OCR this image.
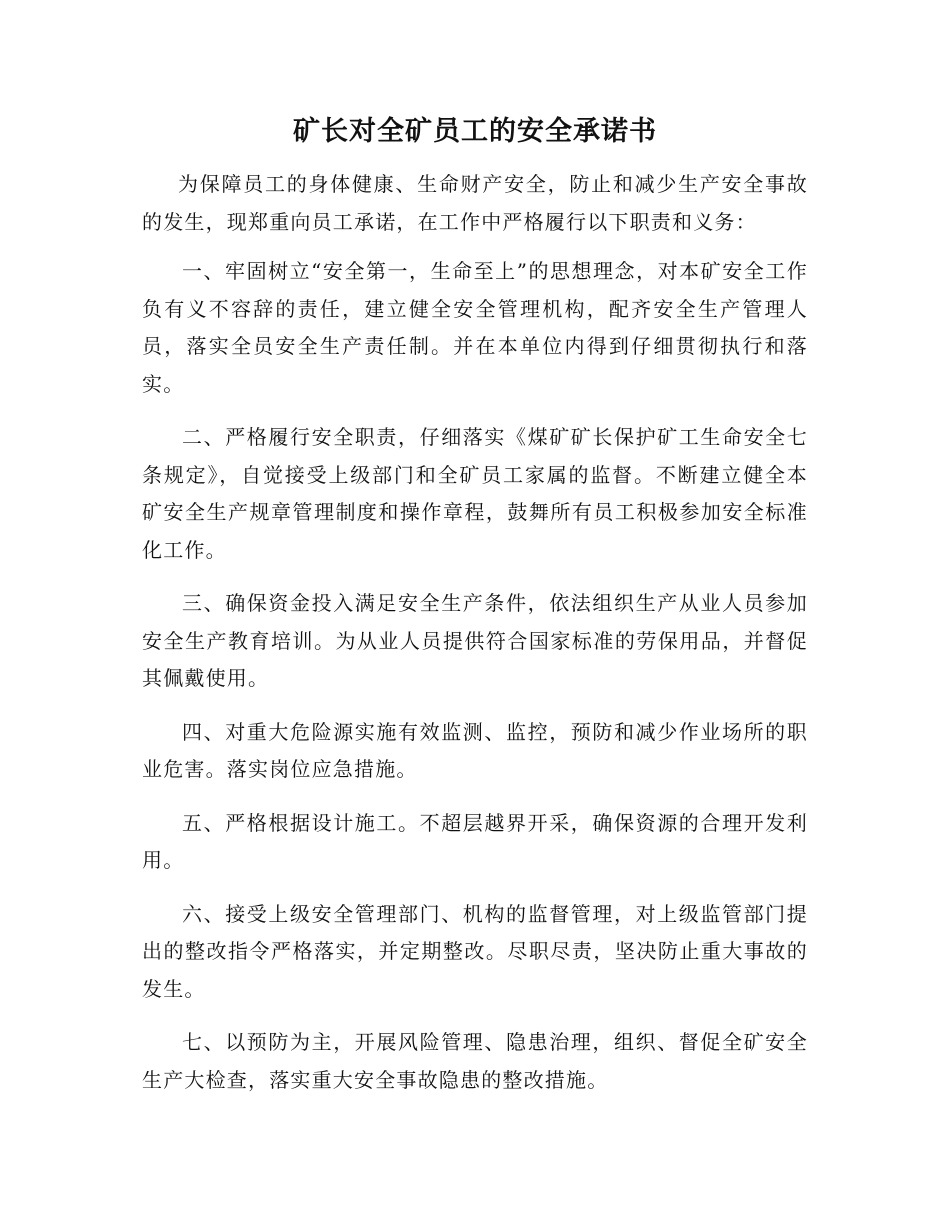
矿长对全矿员工的安全承诺书

为保障员工的身体健康、生命财产安全，防止和减少生产安全事故的发生，现郑重向员工承诺，在工作中严格履行以下职责和义务：

一、牢固树立“安全第一，生命至上”的思想理念，对本矿安全工作负有义不容辞的责任，建立健全安全管理机构，配齐安全生产管理人员，落实全员安全生产责任制。并在本单位内得到仔细贯彻执行和落实。

二、严格履行安全职责，仔细落实《煤矿矿长保护矿工生命安全七条规定》，自觉接受上级部门和全矿员工家属的监督。不断建立健全本矿安全生产规章管理制度和操作章程，鼓舞所有员工积极参加安全标准化工作。

三、确保资金投入满足安全生产条件，依法组织生产从业人员参加安全生产教育培训。为从业人员提供符合国家标准的劳保用品，并督促其佩戴使用。

四、对重大危险源实施有效监测、监控，预防和减少作业场所的职业危害。落实岗位应急措施。

五、严格根据设计施工。不超层越界开采，确保资源的合理开发利用。

六、接受上级安全管理部门、机构的监督管理，对上级监管部门提出的整改指令严格落实，并定期整改。尽职尽责，坚决防止重大事故的发生。

七、以预防为主，开展风险管理、隐患治理，组织、督促全矿安全生产大检查，落实重大安全事故隐患的整改措施。
